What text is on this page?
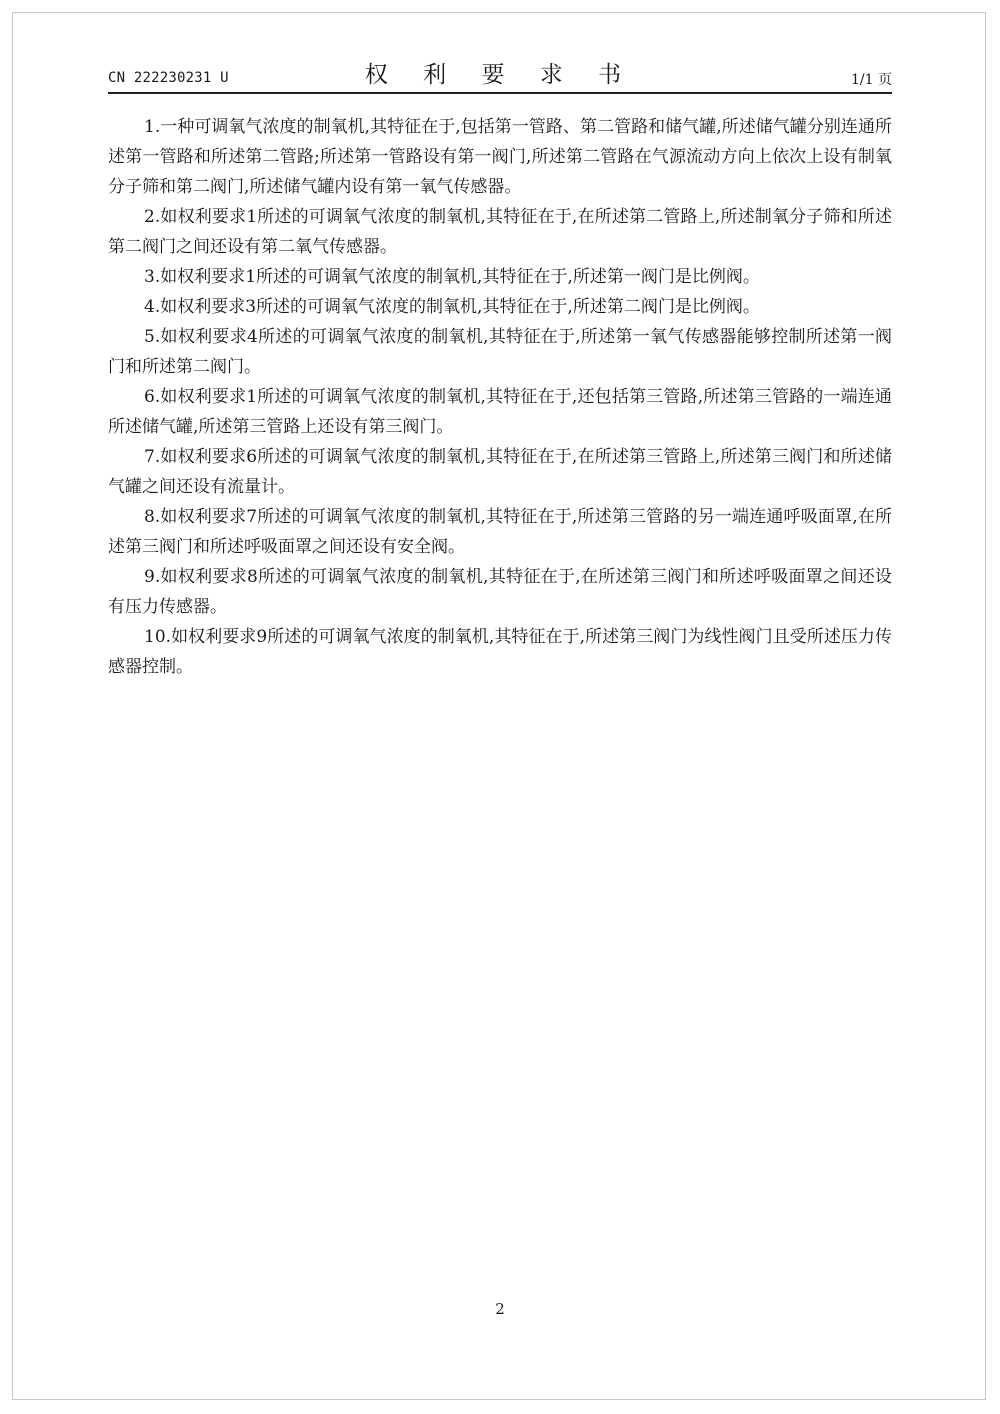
CN 222230231 U	权 利 要 求 书	1/1 页

1.一种可调氧气浓度的制氧机,其特征在于,包括第一管路、第二管路和储气罐,所述储气罐分别连通所述第一管路和所述第二管路;所述第一管路设有第一阀门,所述第二管路在气源流动方向上依次上设有制氧分子筛和第二阀门,所述储气罐内设有第一氧气传感器。

2.如权利要求1所述的可调氧气浓度的制氧机,其特征在于,在所述第二管路上,所述制氧分子筛和所述第二阀门之间还设有第二氧气传感器。

3.如权利要求1所述的可调氧气浓度的制氧机,其特征在于,所述第一阀门是比例阀。

4.如权利要求3所述的可调氧气浓度的制氧机,其特征在于,所述第二阀门是比例阀。

5.如权利要求4所述的可调氧气浓度的制氧机,其特征在于,所述第一氧气传感器能够控制所述第一阀门和所述第二阀门。

6.如权利要求1所述的可调氧气浓度的制氧机,其特征在于,还包括第三管路,所述第三管路的一端连通所述储气罐,所述第三管路上还设有第三阀门。

7.如权利要求6所述的可调氧气浓度的制氧机,其特征在于,在所述第三管路上,所述第三阀门和所述储气罐之间还设有流量计。

8.如权利要求7所述的可调氧气浓度的制氧机,其特征在于,所述第三管路的另一端连通呼吸面罩,在所述第三阀门和所述呼吸面罩之间还设有安全阀。

9.如权利要求8所述的可调氧气浓度的制氧机,其特征在于,在所述第三阀门和所述呼吸面罩之间还设有压力传感器。

10.如权利要求9所述的可调氧气浓度的制氧机,其特征在于,所述第三阀门为线性阀门且受所述压力传感器控制。

2
